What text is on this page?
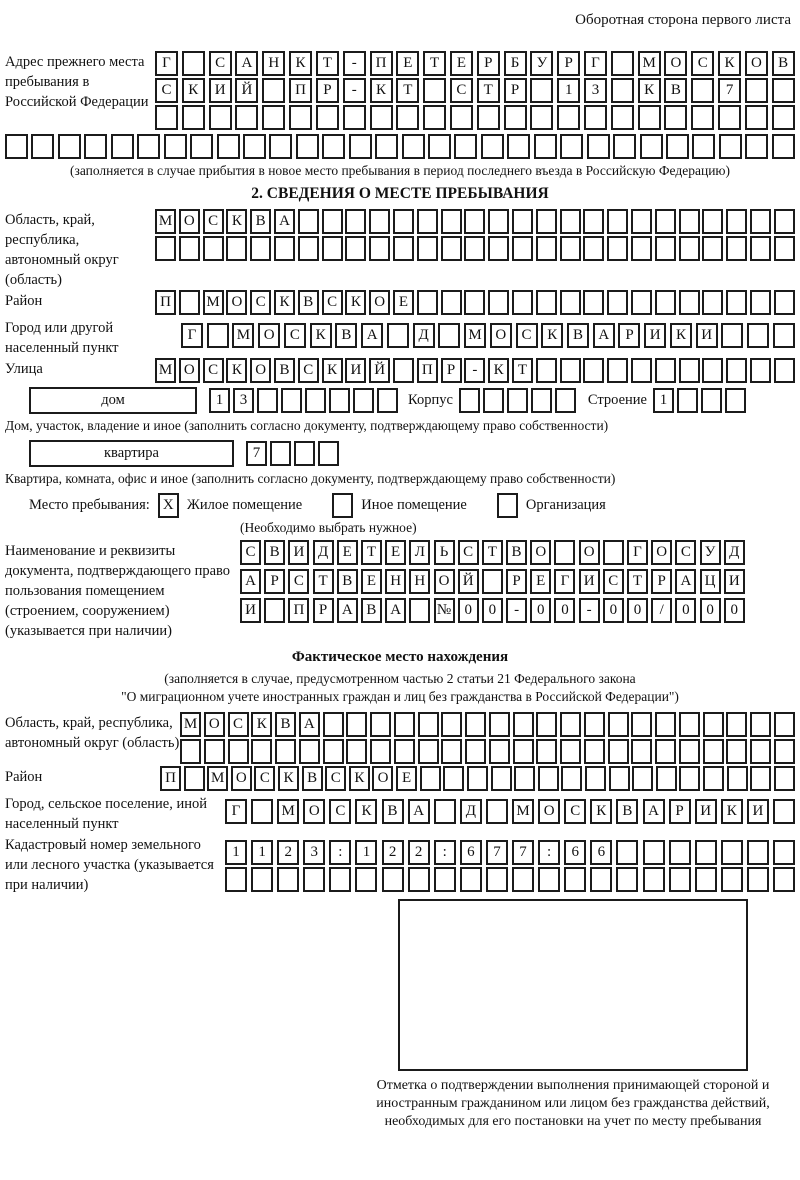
Оборотная сторона первого листа
Адрес прежнего места пребывания в Российской Федерации
Г	С	А	Н	К	Т	-	П	Е	Т	Е	Р	Б	У	Р	Г	М О	С	К	О	В
С	К	И	Й	П	Р	-	К	Т	С	Т	Р	1	3	К	В	7
(заполняется в случае прибытия в новое место пребывания в период последнего въезда в Российскую Федерацию)
2. СВЕДЕНИЯ О МЕСТЕ ПРЕБЫВАНИЯ
Область, край, республика, автономный округ (область)
М О С К В А
Район	П	М О С К В С К О Е
Город или другой населенный пункт
Г	М О	С	К	В	А	Д	М О	С	К	В	А	Р	И	К	И
Улица	М О С К О В С К И Й	П Р	-	К Т
дом	1	3	Корпус	Строение 1
Дом, участок, владение и иное (заполнить согласно документу, подтверждающему право собственности)
квартира	7
Квартира, комната, офис и иное (заполнить согласно документу, подтверждающему право собственности)
Место пребывания: X Жилое помещение	Иное помещение	Организация
(Необходимо выбрать нужное)
Наименование и реквизиты документа, подтверждающего право пользования помещением (строением, сооружением) (указывается при наличии)
С В И Д Е	Т	Е Л Ь С Т В О	О	Г О С У Д
А Р	С Т В Е Н Н О Й	Р	Е	Г И С Т	Р А Ц И
И	П Р А В А	№ 0	0	-	0	0	-	0	0	/	0	0	0
Фактическое место нахождения
(заполняется в случае, предусмотренном частью 2 статьи 21 Федерального закона
"О миграционном учете иностранных граждан и лиц без гражданства в Российской Федерации")
Область, край, республика, автономный округ (область)
М О С К В А
Район	П	М О С К В С К О Е
Город, сельское поселение, иной населенный пункт
Г	М О	С	К	В	А	Д	М О	С	К	В	А	Р	И	К	И
Кадастровый номер земельного или лесного участка (указывается при наличии)
1	1	2	3	:	1	2	2	:	6	7	7	:	6	6
Отметка о подтверждении выполнения принимающей стороной и иностранным гражданином или лицом без гражданства действий, необходимых для его постановки на учет по месту пребывания
